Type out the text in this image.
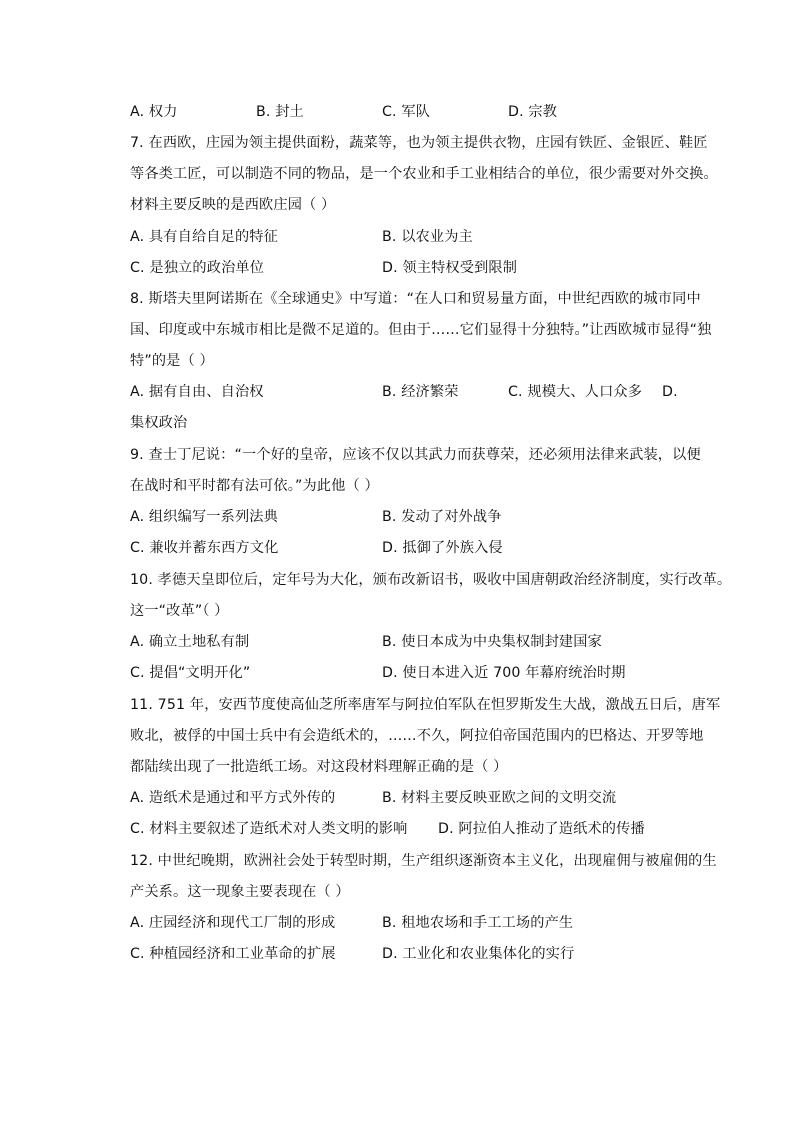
A. 权力	B. 封土	C. 军队	D. 宗教
7. 在西欧，庄园为领主提供面粉，蔬菜等，也为领主提供衣物，庄园有铁匠、金银匠、鞋匠
等各类工匠，可以制造不同的物品，是一个农业和手工业相结合的单位，很少需要对外交换。
材料主要反映的是西欧庄园（ ）
A. 具有自给自足的特征	B. 以农业为主
C. 是独立的政治单位	D. 领主特权受到限制
8. 斯塔夫里阿诺斯在《全球通史》中写道：“在人口和贸易量方面，中世纪西欧的城市同中
国、印度或中东城市相比是微不足道的。但由于……它们显得十分独特。”让西欧城市显得“独
特”的是（ ）
A. 据有自由、自治权	B. 经济繁荣	C. 规模大、人口众多 D.
集权政治
9. 查士丁尼说：“一个好的皇帝，应该不仅以其武力而获尊荣，还必须用法律来武装，以便
在战时和平时都有法可依。”为此他（ ）
A. 组织编写一系列法典	B. 发动了对外战争
C. 兼收并蓄东西方文化	D. 抵御了外族入侵
10. 孝德天皇即位后，定年号为大化，颁布改新诏书，吸收中国唐朝政治经济制度，实行改革。
这一“改革”（ ）
A. 确立土地私有制	B. 使日本成为中央集权制封建国家
C. 提倡“文明开化”	D. 使日本进入近 700 年幕府统治时期
11. 751 年，安西节度使高仙芝所率唐军与阿拉伯军队在怛罗斯发生大战，激战五日后，唐军
败北，被俘的中国士兵中有会造纸术的，……不久，阿拉伯帝国范围内的巴格达、开罗等地
都陆续出现了一批造纸工场。对这段材料理解正确的是（ ）
A. 造纸术是通过和平方式外传的	B. 材料主要反映亚欧之间的文明交流
C. 材料主要叙述了造纸术对人类文明的影响 D. 阿拉伯人推动了造纸术的传播
12. 中世纪晚期，欧洲社会处于转型时期，生产组织逐渐资本主义化，出现雇佣与被雇佣的生
产关系。这一现象主要表现在（ ）
A. 庄园经济和现代工厂制的形成	B. 租地农场和手工工场的产生
C. 种植园经济和工业革命的扩展	D. 工业化和农业集体化的实行
